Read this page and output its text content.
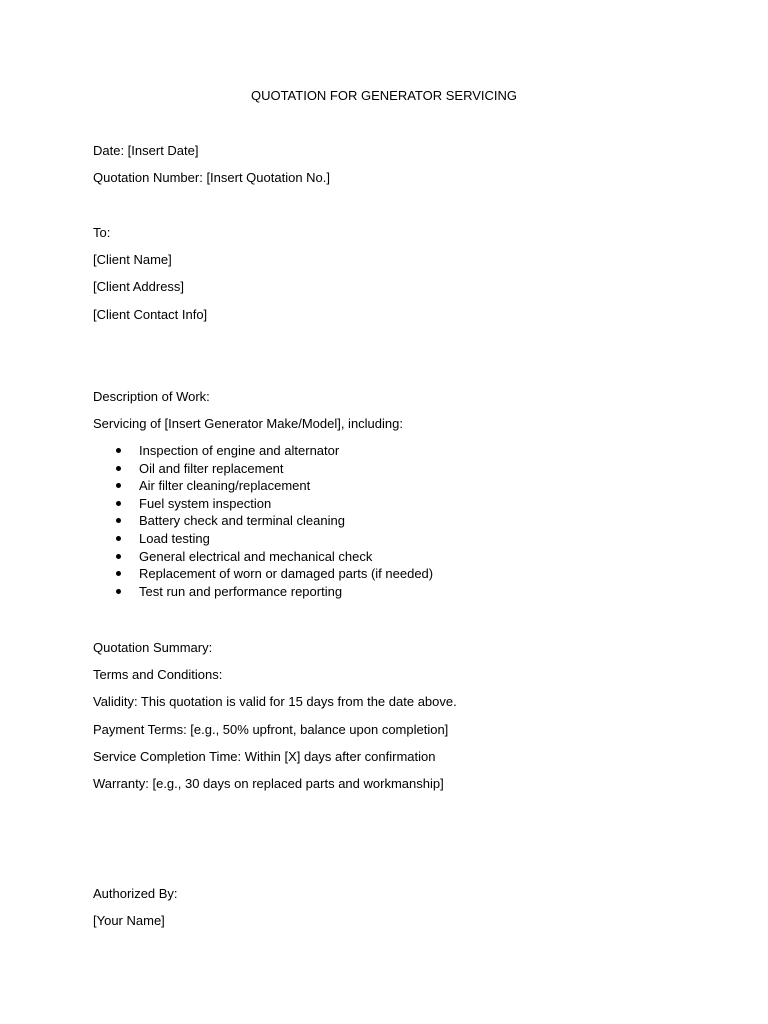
QUOTATION FOR GENERATOR SERVICING
Date: [Insert Date]
Quotation Number: [Insert Quotation No.]
To:
[Client Name]
[Client Address]
[Client Contact Info]
Description of Work:
Servicing of [Insert Generator Make/Model], including:
Inspection of engine and alternator
Oil and filter replacement
Air filter cleaning/replacement
Fuel system inspection
Battery check and terminal cleaning
Load testing
General electrical and mechanical check
Replacement of worn or damaged parts (if needed)
Test run and performance reporting
Quotation Summary:
Terms and Conditions:
Validity: This quotation is valid for 15 days from the date above.
Payment Terms: [e.g., 50% upfront, balance upon completion]
Service Completion Time: Within [X] days after confirmation
Warranty: [e.g., 30 days on replaced parts and workmanship]
Authorized By:
[Your Name]
